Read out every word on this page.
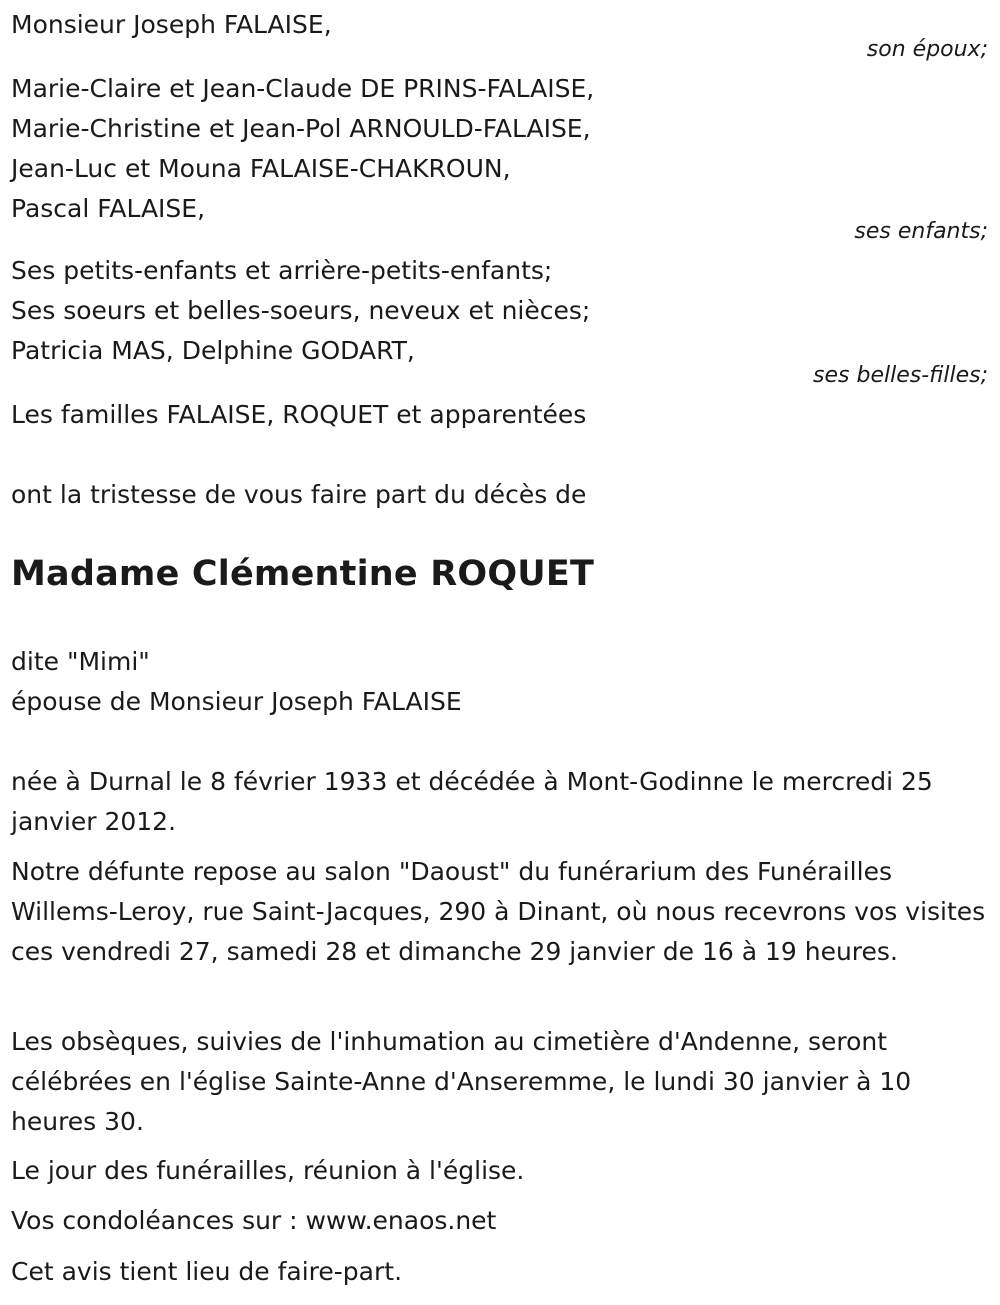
Monsieur Joseph FALAISE,
son époux;
Marie-Claire et Jean-Claude DE PRINS-FALAISE,
Marie-Christine et Jean-Pol ARNOULD-FALAISE,
Jean-Luc et Mouna FALAISE-CHAKROUN,
Pascal FALAISE,
ses enfants;
Ses petits-enfants et arrière-petits-enfants;
Ses soeurs et belles-soeurs, neveux et nièces;
Patricia MAS, Delphine GODART,
ses belles-filles;
Les familles FALAISE, ROQUET et apparentées
ont la tristesse de vous faire part du décès de
Madame Clémentine ROQUET
dite "Mimi"
épouse de Monsieur Joseph FALAISE
née à Durnal le 8 février 1933 et décédée à Mont-Godinne le mercredi 25 janvier 2012.
Notre défunte repose au salon "Daoust" du funérarium des Funérailles Willems-Leroy, rue Saint-Jacques, 290 à Dinant, où nous recevrons vos visites ces vendredi 27, samedi 28 et dimanche 29 janvier de 16 à 19 heures.
Les obsèques, suivies de l'inhumation au cimetière d'Andenne, seront célébrées en l'église Sainte-Anne d'Anseremme, le lundi 30 janvier à 10 heures 30.
Le jour des funérailles, réunion à l'église.
Vos condoléances sur : www.enaos.net
Cet avis tient lieu de faire-part.
